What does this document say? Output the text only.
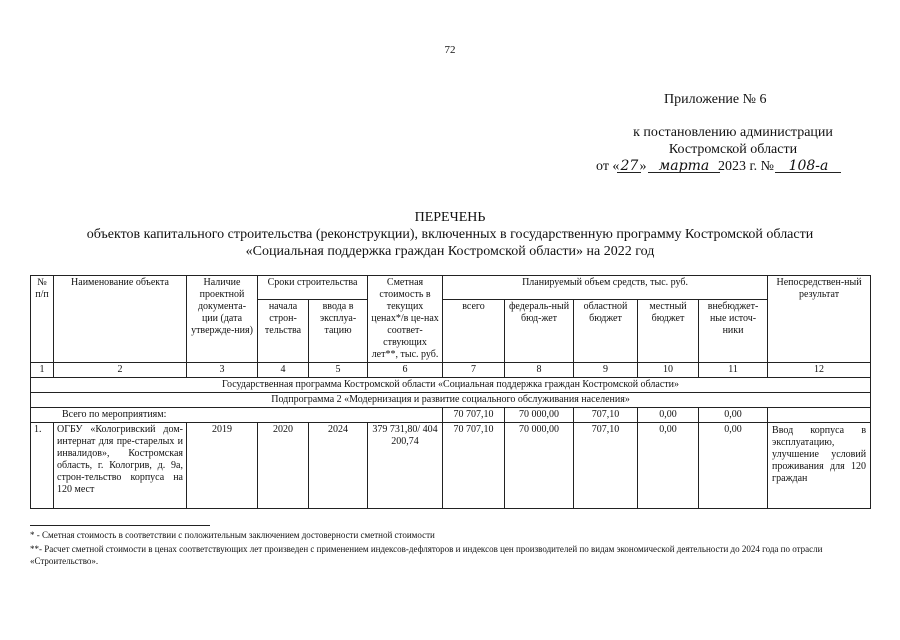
72
Приложение № 6
к постановлению администрации
Костромской области
от «27» марта 2023 г. № 108-а
ПЕРЕЧЕНЬ
объектов капитального строительства (реконструкции), включенных в государственную программу Костромской области
«Социальная поддержка граждан Костромской области» на 2022 год
№ п/п	Наименование объекта	Наличие проектной документа-ции (дата утвержде-ния)	Сроки строительства		Сметная стоимость в текущих ценах*/в це-нах соответ-ствующих лет**, тыс. руб.	Планируемый объем средств, тыс. руб.					Непосредствен-ный результат
			начала строн-тельства	ввода в эксплуа-тацию		всего	федераль-ный бюд-жет	областной бюджет	местный бюджет	внебюджет-ные источ-ники	
1	2	3	4	5	6	7	8	9	10	11	12
Государственная программа Костромской области «Социальная поддержка граждан Костромской области»											
Подпрограмма 2 «Модернизация и развитие социального обслуживания населения»											
Всего по мероприятиям:						70 707,10	70 000,00	707,10	0,00	0,00	
1.	ОГБУ «Кологривский дом-интернат для пре-старелых и инвалидов», Костромская область, г. Кологрив, д. 9а, строн-тельство корпуса на 120 мест	2019	2020	2024	379 731,80/ 404 200,74	70 707,10	70 000,00	707,10	0,00	0,00	Ввод корпуса в эксплуатацию, улучшение условий проживания для 120 граждан
* - Сметная стоимость в соответствии с положительным заключением достоверности сметной стоимости
**- Расчет сметной стоимости в ценах соответствующих лет произведен с применением индексов-дефляторов и индексов цен производителей по видам экономической деятельности до 2024 года по отрасли «Строительство».
